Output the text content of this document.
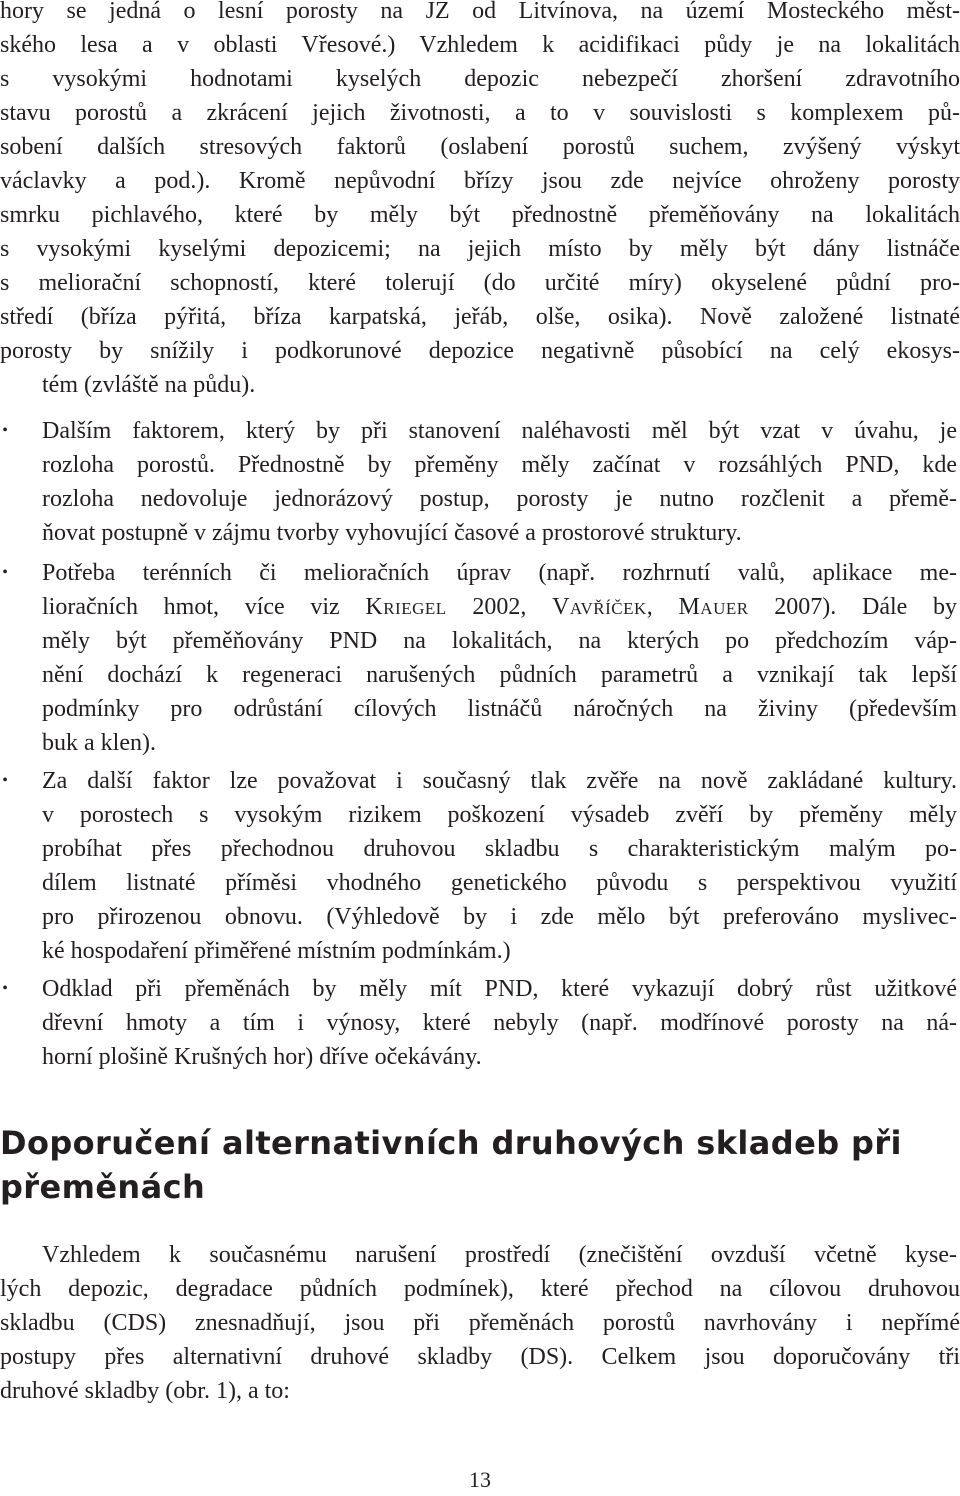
hory se jedná o lesní porosty na JZ od Litvínova, na území Mosteckého měst-
ského lesa a v oblasti Vřesové.) Vzhledem k acidifikaci půdy je na lokalitách
s vysokými hodnotami kyselých depozic nebezpečí zhoršení zdravotního
stavu porostů a zkrácení jejich životnosti, a to v souvislosti s komplexem pů-
sobení dalších stresových faktorů (oslabení porostů suchem, zvýšený výskyt
václavky a pod.). Kromě nepůvodní břízy jsou zde nejvíce ohroženy porosty
smrku pichlavého, které by měly být přednostně přeměňovány na lokalitách
s vysokými kyselými depozicemi; na jejich místo by měly být dány listnáče
s meliorační schopností, které tolerují (do určité míry) okyselené půdní pro-
středí (bříza pýřitá, bříza karpatská, jeřáb, olše, osika). Nově založené listnaté
porosty by snížily i podkorunové depozice negativně působící na celý ekosys-
tém (zvláště na půdu).
• Dalším faktorem, který by při stanovení naléhavosti měl být vzat v úvahu, je
rozloha porostů. Přednostně by přeměny měly začínat v rozsáhlých PND, kde
rozloha nedovoluje jednorázový postup, porosty je nutno rozčlenit a přemě-
ňovat postupně v zájmu tvorby vyhovující časové a prostorové struktury.
• Potřeba terénních či melioračních úprav (např. rozhrnutí valů, aplikace me-
lioračních hmot, více viz Kriegel 2002, Vavříček, Mauer 2007). Dále by
měly být přeměňovány PND na lokalitách, na kterých po předchozím váp-
nění dochází k regeneraci narušených půdních parametrů a vznikají tak lepší
podmínky pro odrůstání cílových listnáčů náročných na živiny (především
buk a klen).
• Za další faktor lze považovat i současný tlak zvěře na nově zakládané kultury.
v porostech s vysokým rizikem poškození výsadeb zvěří by přeměny měly
probíhat přes přechodnou druhovou skladbu s charakteristickým malým po-
dílem listnaté příměsi vhodného genetického původu s perspektivou využití
pro přirozenou obnovu. (Výhledově by i zde mělo být preferováno myslivec-
ké hospodaření přiměřené místním podmínkám.)
• Odklad při přeměnách by měly mít PND, které vykazují dobrý růst užitkové
dřevní hmoty a tím i výnosy, které nebyly (např. modřínové porosty na ná-
horní plošině Krušných hor) dříve očekávány.
Doporučení alternativních druhových skladeb při
přeměnách
Vzhledem k současnému narušení prostředí (znečištění ovzduší včetně kyse-
lých depozic, degradace půdních podmínek), které přechod na cílovou druhovou
skladbu (CDS) znesnadňují, jsou při přeměnách porostů navrhovány i nepřímé
postupy přes alternativní druhové skladby (DS). Celkem jsou doporučovány tři
druhové skladby (obr. 1), a to:
13
